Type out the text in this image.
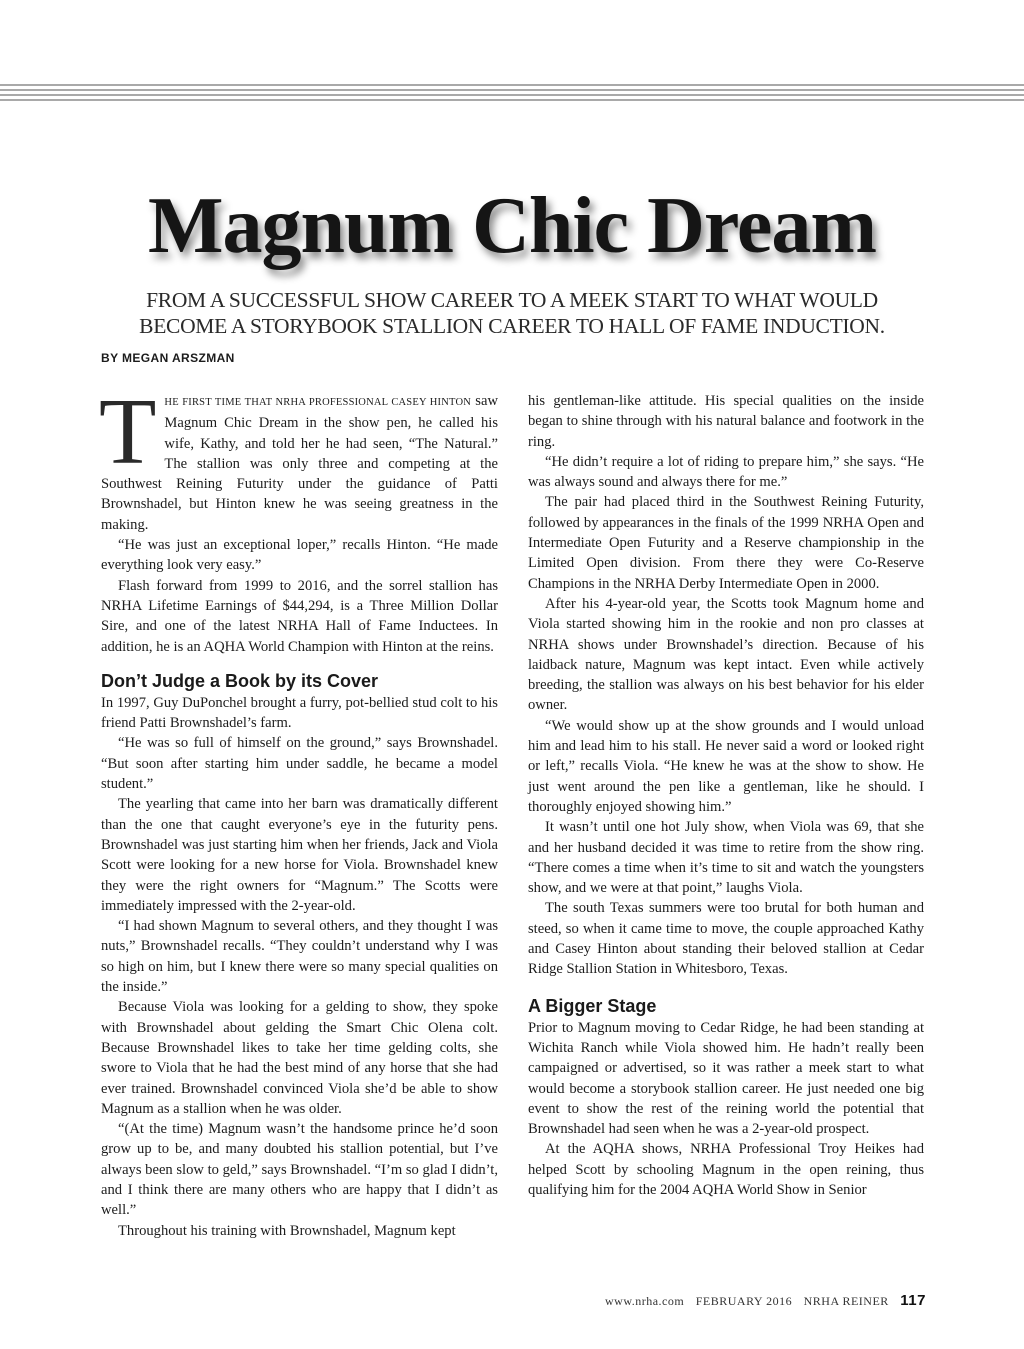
Magnum Chic Dream
FROM A SUCCESSFUL SHOW CAREER TO A MEEK START TO WHAT WOULD
BECOME A STORYBOOK STALLION CAREER TO HALL OF FAME INDUCTION.
BY MEGAN ARSZMAN

THE FIRST TIME THAT NRHA PROFESSIONAL CASEY HINTON saw Magnum Chic Dream in the show pen, he called his wife, Kathy, and told her he had seen, “The Natural.” The stallion was only three and competing at the Southwest Reining Futurity under the guidance of Patti Brownshadel, but Hinton knew he was seeing greatness in the making.

“He was just an exceptional loper,” recalls Hinton. “He made everything look very easy.”

Flash forward from 1999 to 2016, and the sorrel stallion has NRHA Lifetime Earnings of $44,294, is a Three Million Dollar Sire, and one of the latest NRHA Hall of Fame Inductees. In addition, he is an AQHA World Champion with Hinton at the reins.

Don’t Judge a Book by its Cover

In 1997, Guy DuPonchel brought a furry, pot-bellied stud colt to his friend Patti Brownshadel’s farm.

“He was so full of himself on the ground,” says Brownshadel. “But soon after starting him under saddle, he became a model student.”

The yearling that came into her barn was dramatically different than the one that caught everyone’s eye in the futurity pens. Brownshadel was just starting him when her friends, Jack and Viola Scott were looking for a new horse for Viola. Brownshadel knew they were the right owners for “Magnum.” The Scotts were immediately impressed with the 2-year-old.

“I had shown Magnum to several others, and they thought I was nuts,” Brownshadel recalls. “They couldn’t understand why I was so high on him, but I knew there were so many special qualities on the inside.”

Because Viola was looking for a gelding to show, they spoke with Brownshadel about gelding the Smart Chic Olena colt. Because Brownshadel likes to take her time gelding colts, she swore to Viola that he had the best mind of any horse that she had ever trained. Brownshadel convinced Viola she’d be able to show Magnum as a stallion when he was older.

“(At the time) Magnum wasn’t the handsome prince he’d soon grow up to be, and many doubted his stallion potential, but I’ve always been slow to geld,” says Brownshadel. “I’m so glad I didn’t, and I think there are many others who are happy that I didn’t as well.”

Throughout his training with Brownshadel, Magnum kept

his gentleman-like attitude. His special qualities on the inside began to shine through with his natural balance and footwork in the ring.

“He didn’t require a lot of riding to prepare him,” she says. “He was always sound and always there for me.”

The pair had placed third in the Southwest Reining Futurity, followed by appearances in the finals of the 1999 NRHA Open and Intermediate Open Futurity and a Reserve championship in the Limited Open division. From there they were Co-Reserve Champions in the NRHA Derby Intermediate Open in 2000.

After his 4-year-old year, the Scotts took Magnum home and Viola started showing him in the rookie and non pro classes at NRHA shows under Brownshadel’s direction. Because of his laidback nature, Magnum was kept intact. Even while actively breeding, the stallion was always on his best behavior for his elder owner.

“We would show up at the show grounds and I would unload him and lead him to his stall. He never said a word or looked right or left,” recalls Viola. “He knew he was at the show to show. He just went around the pen like a gentleman, like he should. I thoroughly enjoyed showing him.”

It wasn’t until one hot July show, when Viola was 69, that she and her husband decided it was time to retire from the show ring. “There comes a time when it’s time to sit and watch the youngsters show, and we were at that point,” laughs Viola.

The south Texas summers were too brutal for both human and steed, so when it came time to move, the couple approached Kathy and Casey Hinton about standing their beloved stallion at Cedar Ridge Stallion Station in Whitesboro, Texas.

A Bigger Stage

Prior to Magnum moving to Cedar Ridge, he had been standing at Wichita Ranch while Viola showed him. He hadn’t really been campaigned or advertised, so it was rather a meek start to what would become a storybook stallion career. He just needed one big event to show the rest of the reining world the potential that Brownshadel had seen when he was a 2-year-old prospect.

At the AQHA shows, NRHA Professional Troy Heikes had helped Scott by schooling Magnum in the open reining, thus qualifying him for the 2004 AQHA World Show in Senior

www.nrha.com FEBRUARY 2016 NRHA REINER 117
